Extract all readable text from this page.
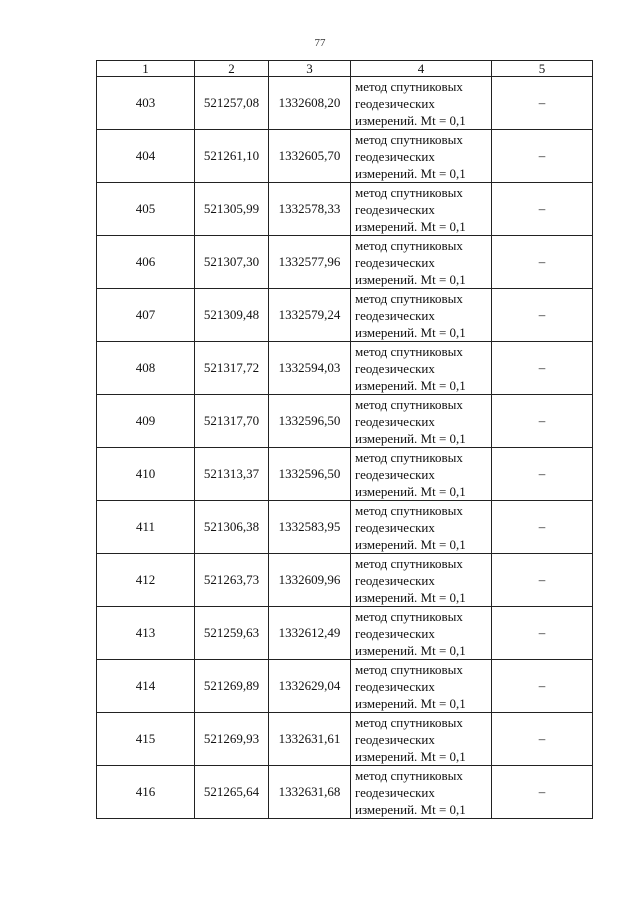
77
1	2	3	4	5
403	521257,08	1332608,20	метод спутниковых
геодезических
измерений. Mt = 0,1	–
404	521261,10	1332605,70	метод спутниковых
геодезических
измерений. Mt = 0,1	–
405	521305,99	1332578,33	метод спутниковых
геодезических
измерений. Mt = 0,1	–
406	521307,30	1332577,96	метод спутниковых
геодезических
измерений. Mt = 0,1	–
407	521309,48	1332579,24	метод спутниковых
геодезических
измерений. Mt = 0,1	–
408	521317,72	1332594,03	метод спутниковых
геодезических
измерений. Mt = 0,1	–
409	521317,70	1332596,50	метод спутниковых
геодезических
измерений. Mt = 0,1	–
410	521313,37	1332596,50	метод спутниковых
геодезических
измерений. Mt = 0,1	–
411	521306,38	1332583,95	метод спутниковых
геодезических
измерений. Mt = 0,1	–
412	521263,73	1332609,96	метод спутниковых
геодезических
измерений. Mt = 0,1	–
413	521259,63	1332612,49	метод спутниковых
геодезических
измерений. Mt = 0,1	–
414	521269,89	1332629,04	метод спутниковых
геодезических
измерений. Mt = 0,1	–
415	521269,93	1332631,61	метод спутниковых
геодезических
измерений. Mt = 0,1	–
416	521265,64	1332631,68	метод спутниковых
геодезических
измерений. Mt = 0,1	–
